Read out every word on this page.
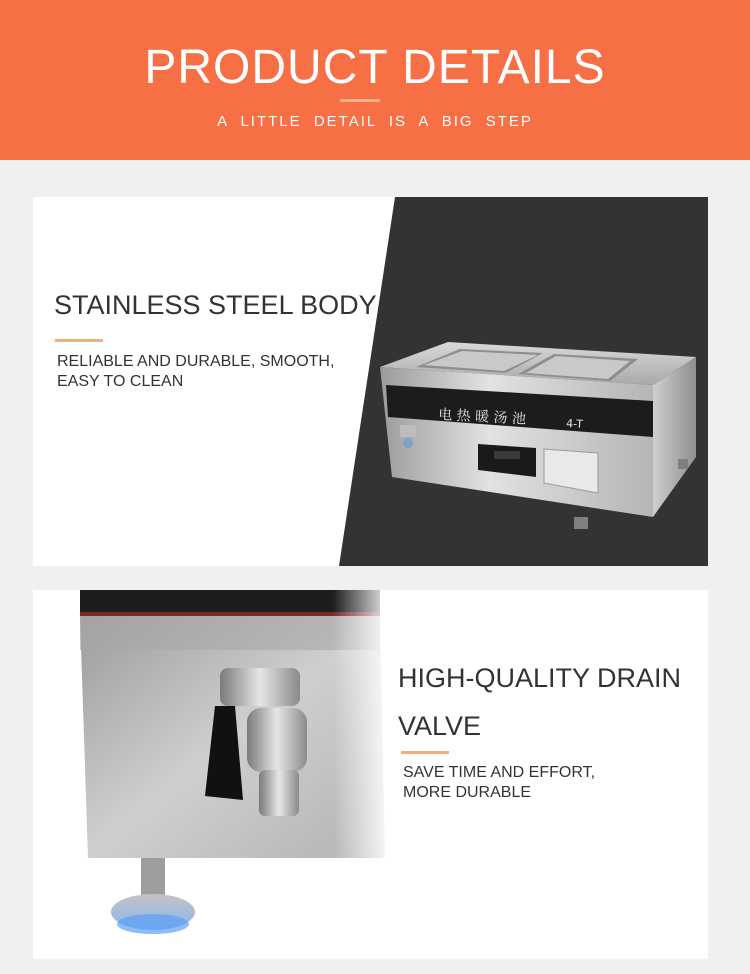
PRODUCT DETAILS
A LITTLE DETAIL IS A BIG STEP
STAINLESS STEEL BODY
RELIABLE AND DURABLE, SMOOTH,
EASY TO CLEAN
电 热 暖 汤 池	4-T
HIGH-QUALITY DRAIN
VALVE
SAVE TIME AND EFFORT,
MORE DURABLE
